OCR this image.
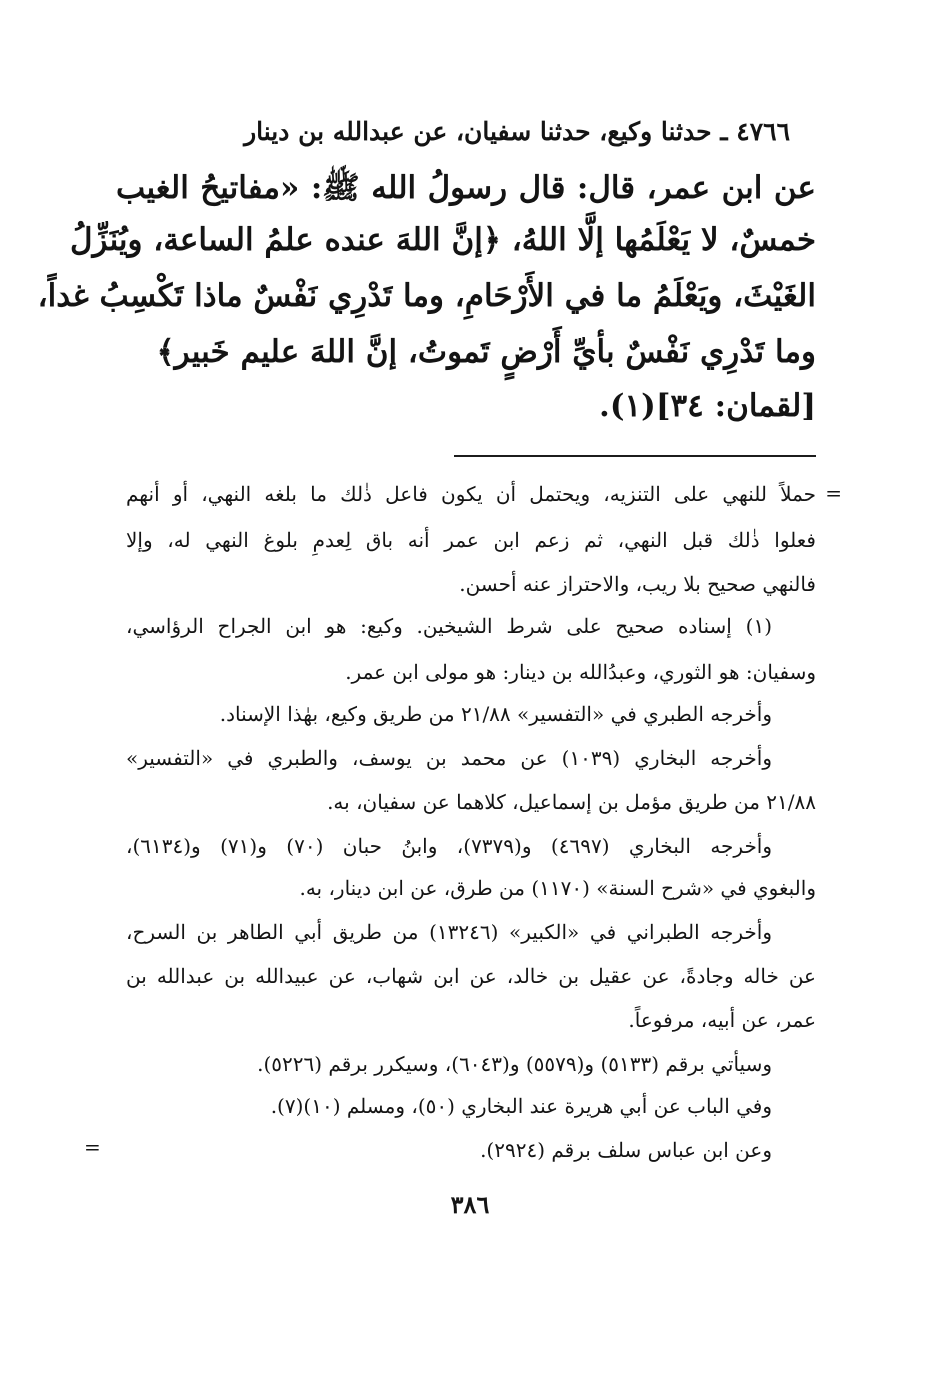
٤٧٦٦ ـ حدثنا وكيع، حدثنا سفيان، عن عبدالله بن دينار
عن ابن عمر، قال: قال رسولُ الله ﷺ: «مفاتيحُ الغيب
خمسٌ، لا يَعْلَمُها إلَّا اللهُ، ﴿إنَّ اللهَ عنده علمُ الساعة، ويُنَزِّلُ
الغَيْثَ، ويَعْلَمُ ما في الأَرْحَامِ، وما تَدْرِي نَفْسٌ ماذا تَكْسِبُ غداً،
وما تَدْرِي نَفْسٌ بأيِّ أَرْضٍ تَموتُ، إنَّ اللهَ عليم خَبير﴾
[لقمان: ٣٤](١).
=
حملاً للنهي على التنزيه، ويحتمل أن يكون فاعل ذٰلك ما بلغه النهي، أو أنهم
فعلوا ذٰلك قبل النهي، ثم زعم ابن عمر أنه باق لِعدمِ بلوغ النهي له، وإلا
فالنهي صحيح بلا ريب، والاحتراز عنه أحسن.
(١) إسناده صحيح على شرط الشيخين. وكيع: هو ابن الجراح الرؤاسي،
وسفيان: هو الثوري، وعبدُالله بن دينار: هو مولى ابن عمر.
وأخرجه الطبري في «التفسير» ٢١/٨٨ من طريق وكيع، بهٰذا الإسناد.
وأخرجه البخاري (١٠٣٩) عن محمد بن يوسف، والطبري في «التفسير»
٢١/٨٨ من طريق مؤمل بن إسماعيل، كلاهما عن سفيان، به.
وأخرجه البخاري (٤٦٩٧) و(٧٣٧٩)، وابنُ حبان (٧٠) و(٧١) و(٦١٣٤)،
والبغوي في «شرح السنة» (١١٧٠) من طرق، عن ابن دينار، به.
وأخرجه الطبراني في «الكبير» (١٣٢٤٦) من طريق أبي الطاهر بن السرح،
عن خاله وجادةً، عن عقيل بن خالد، عن ابن شهاب، عن عبيدالله بن عبدالله بن
عمر، عن أبيه، مرفوعاً.
وسيأتي برقم (٥١٣٣) و(٥٥٧٩) و(٦٠٤٣)، وسيكرر برقم (٥٢٢٦).
وفي الباب عن أبي هريرة عند البخاري (٥٠)، ومسلم (١٠)(٧).
وعن ابن عباس سلف برقم (٢٩٢٤).
=
٣٨٦
